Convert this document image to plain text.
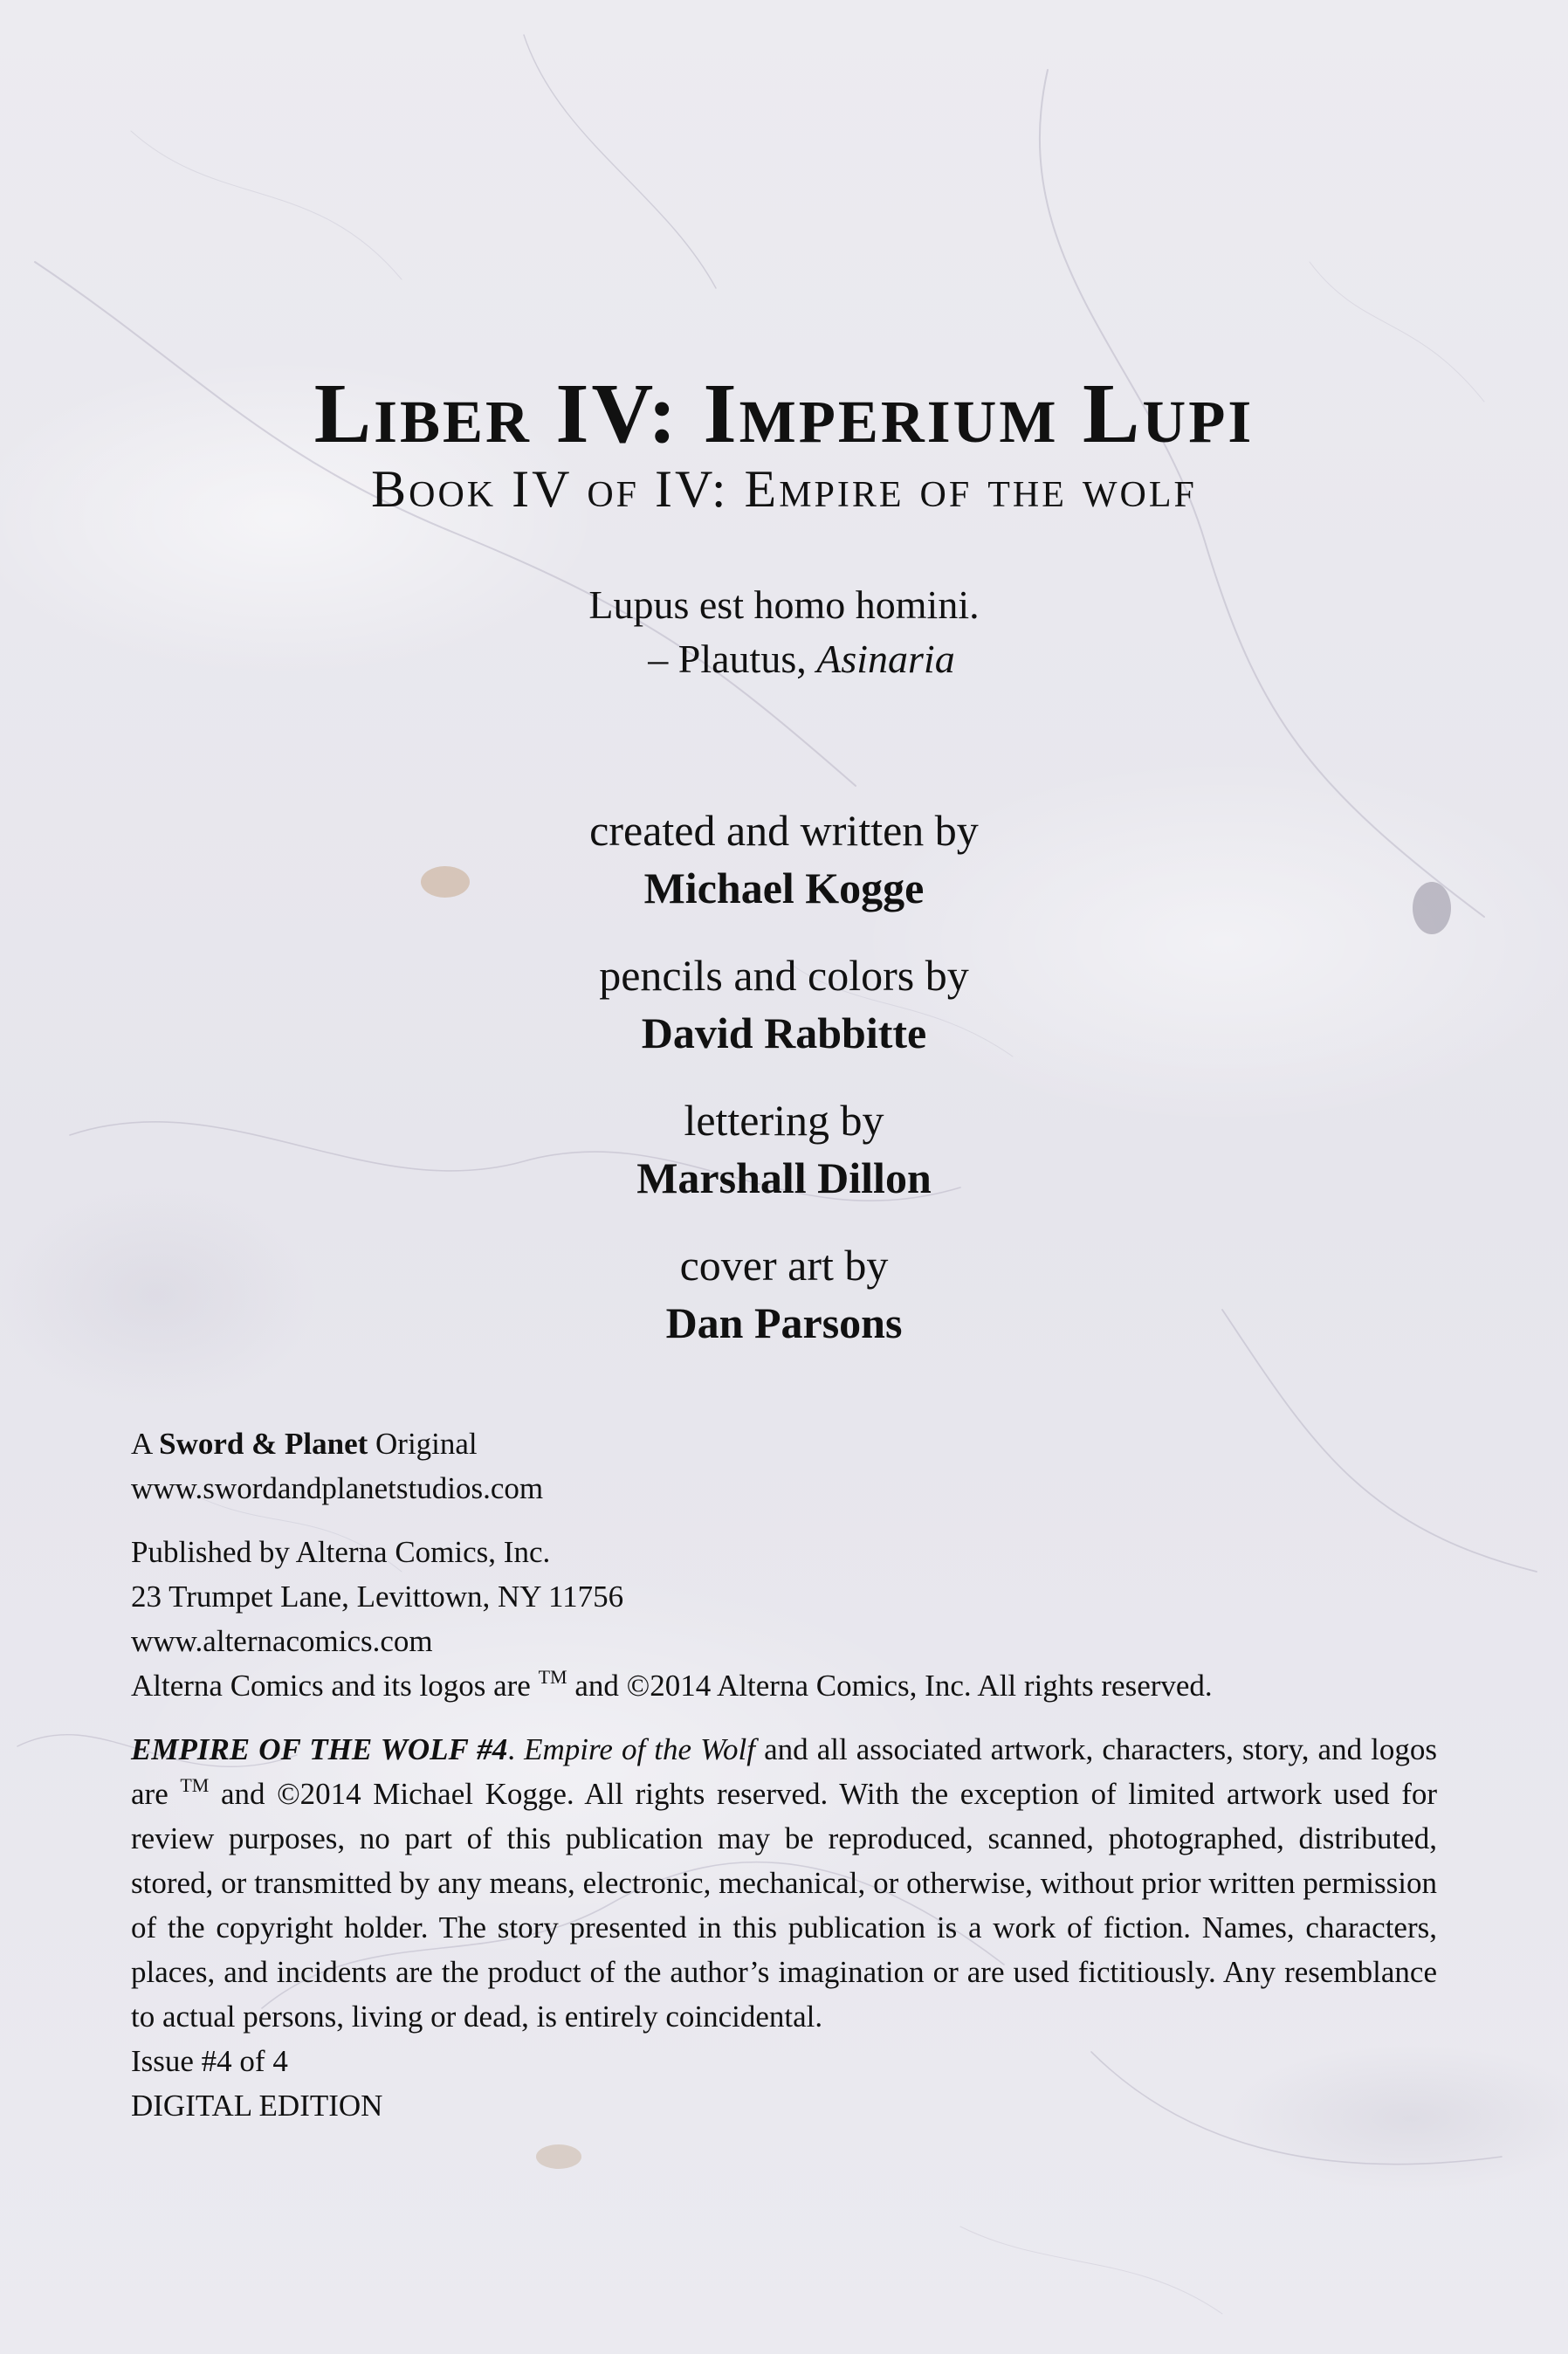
Liber IV: Imperium Lupi
Book IV of IV: Empire of the wolf
Lupus est homo homini.
– Plautus, Asinaria
created and written by
Michael Kogge
pencils and colors by
David Rabbitte
lettering by
Marshall Dillon
cover art by
Dan Parsons

A Sword & Planet Original

www.swordandplanetstudios.com

Published by Alterna Comics, Inc.

23 Trumpet Lane, Levittown, NY 11756

www.alternacomics.com

Alterna Comics and its logos are ™ and ©2014 Alterna Comics, Inc. All rights reserved.

EMPIRE OF THE WOLF #4. Empire of the Wolf and all associated artwork, characters, story, and logos are ™ and ©2014 Michael Kogge. All rights reserved. With the exception of limited artwork used for review purposes, no part of this publication may be reproduced, scanned, photographed, distributed, stored, or transmitted by any means, electronic, mechanical, or otherwise, without prior written permission of the copyright holder. The story presented in this publication is a work of fiction. Names, characters, places, and incidents are the product of the author’s imagination or are used fictitiously. Any resemblance to actual persons, living or dead, is entirely coincidental.

Issue #4 of 4

DIGITAL EDITION
